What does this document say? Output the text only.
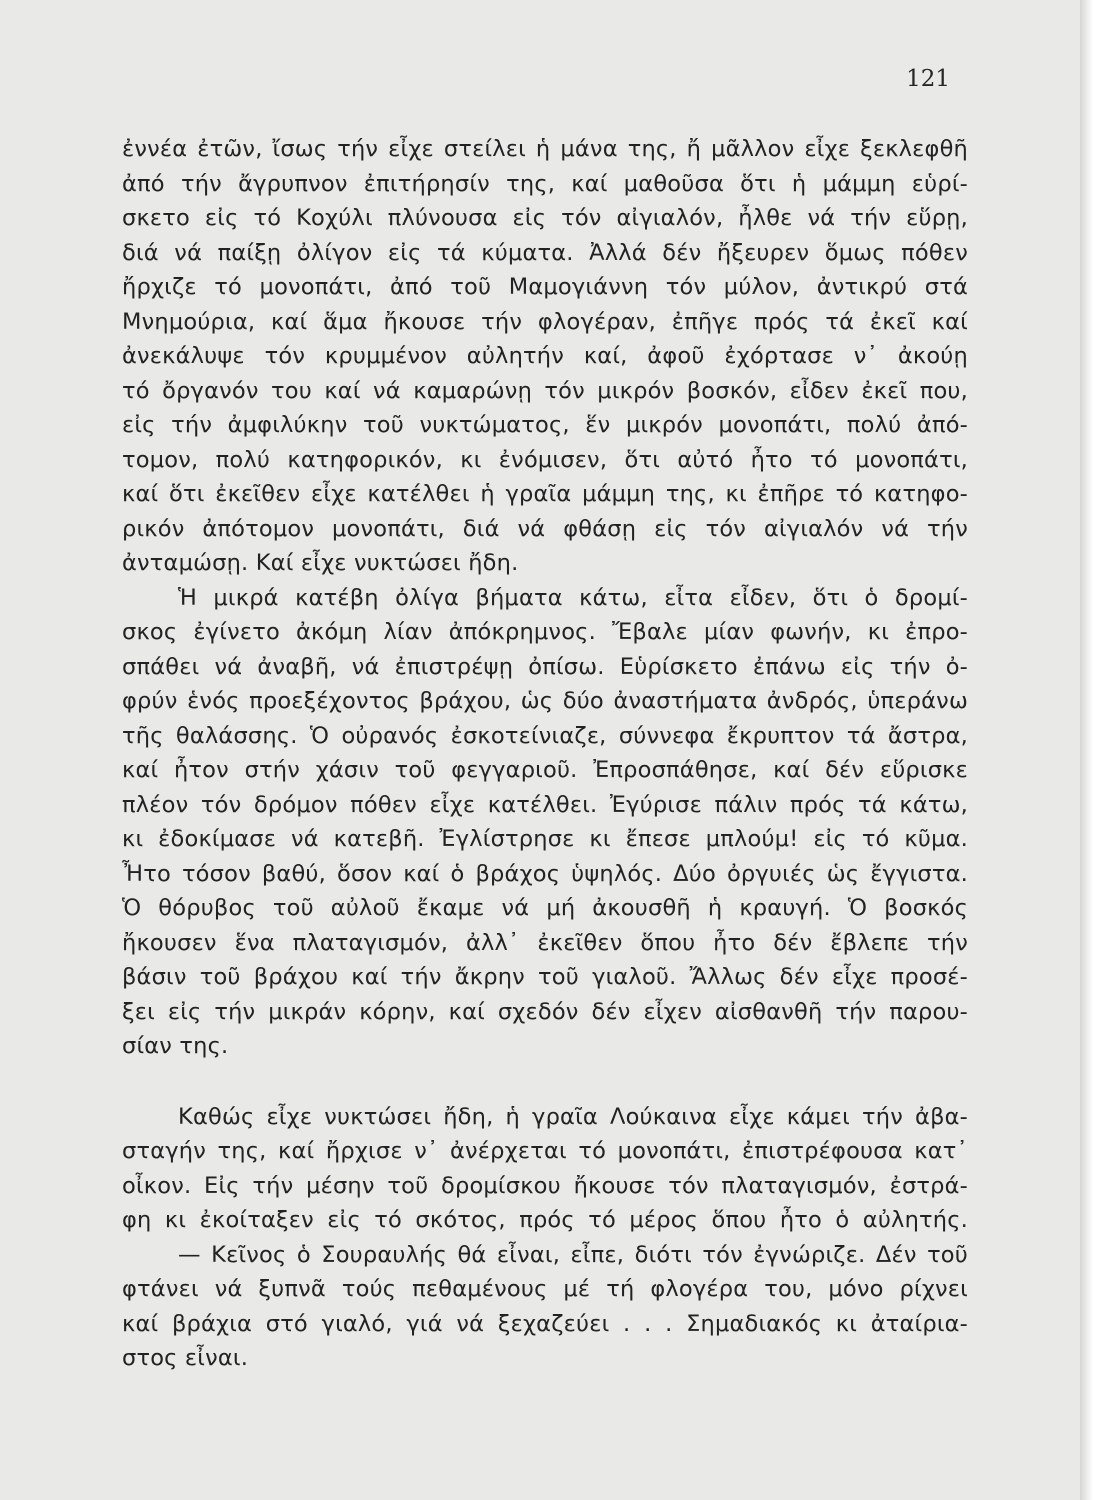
121
ἐννέα ἐτῶν, ἴσως τήν εἶχε στείλει ἡ μάνα της, ἤ μᾶλλον εἶχε ξεκλεφθῆ
ἀπό τήν ἄγρυπνον ἐπιτήρησίν της, καί μαθοῦσα ὅτι ἡ μάμμη εὑρί-
σκετο εἰς τό Κοχύλι πλύνουσα εἰς τόν αἰγιαλόν, ἦλθε νά τήν εὕρῃ,
διά νά παίξῃ ὀλίγον εἰς τά κύματα. Ἀλλά δέν ἤξευρεν ὅμως πόθεν
ἤρχιζε τό μονοπάτι, ἀπό τοῦ Μαμογιάννη τόν μύλον, ἀντικρύ στά
Μνημούρια, καί ἅμα ἤκουσε τήν φλογέραν, ἐπῆγε πρός τά ἐκεῖ καί
ἀνεκάλυψε τόν κρυμμένον αὐλητήν καί, ἀφοῦ ἐχόρτασε ν᾽ ἀκούῃ
τό ὄργανόν του καί νά καμαρώνῃ τόν μικρόν βοσκόν, εἶδεν ἐκεῖ που,
εἰς τήν ἀμφιλύκην τοῦ νυκτώματος, ἕν μικρόν μονοπάτι, πολύ ἀπό-
τομον, πολύ κατηφορικόν, κι ἐνόμισεν, ὅτι αὐτό ἦτο τό μονοπάτι,
καί ὅτι ἐκεῖθεν εἶχε κατέλθει ἡ γραῖα μάμμη της, κι ἐπῆρε τό κατηφο-
ρικόν ἀπότομον μονοπάτι, διά νά φθάσῃ εἰς τόν αἰγιαλόν νά τήν
ἀνταμώσῃ. Καί εἶχε νυκτώσει ἤδη.
Ἡ μικρά κατέβη ὀλίγα βήματα κάτω, εἶτα εἶδεν, ὅτι ὁ δρομί-
σκος ἐγίνετο ἀκόμη λίαν ἀπόκρημνος. Ἔβαλε μίαν φωνήν, κι ἐπρο-
σπάθει νά ἀναβῆ, νά ἐπιστρέψῃ ὀπίσω. Εὑρίσκετο ἐπάνω εἰς τήν ὀ-
φρύν ἑνός προεξέχοντος βράχου, ὡς δύο ἀναστήματα ἀνδρός, ὑπεράνω
τῆς θαλάσσης. Ὁ οὐρανός ἐσκοτείνιαζε, σύννεφα ἔκρυπτον τά ἄστρα,
καί ἦτον στήν χάσιν τοῦ φεγγαριοῦ. Ἐπροσπάθησε, καί δέν εὕρισκε
πλέον τόν δρόμον πόθεν εἶχε κατέλθει. Ἐγύρισε πάλιν πρός τά κάτω,
κι ἐδοκίμασε νά κατεβῆ. Ἐγλίστρησε κι ἔπεσε μπλούμ! εἰς τό κῦμα.
Ἦτο τόσον βαθύ, ὅσον καί ὁ βράχος ὑψηλός. Δύο ὀργυιές ὡς ἔγγιστα.
Ὁ θόρυβος τοῦ αὐλοῦ ἔκαμε νά μή ἀκουσθῆ ἡ κραυγή. Ὁ βοσκός
ἤκουσεν ἕνα πλαταγισμόν, ἀλλ᾽ ἐκεῖθεν ὅπου ἦτο δέν ἔβλεπε τήν
βάσιν τοῦ βράχου καί τήν ἄκρην τοῦ γιαλοῦ. Ἄλλως δέν εἶχε προσέ-
ξει εἰς τήν μικράν κόρην, καί σχεδόν δέν εἶχεν αἰσθανθῆ τήν παρου-
σίαν της.
Καθώς εἶχε νυκτώσει ἤδη, ἡ γραῖα Λούκαινα εἶχε κάμει τήν ἀβα-
σταγήν της, καί ἤρχισε ν᾽ ἀνέρχεται τό μονοπάτι, ἐπιστρέφουσα κατ᾽
οἶκον. Εἰς τήν μέσην τοῦ δρομίσκου ἤκουσε τόν πλαταγισμόν, ἐστρά-
φη κι ἐκοίταξεν εἰς τό σκότος, πρός τό μέρος ὅπου ἦτο ὁ αὐλητής.
— Κεῖνος ὁ Σουραυλής θά εἶναι, εἶπε, διότι τόν ἐγνώριζε. Δέν τοῦ
φτάνει νά ξυπνᾶ τούς πεθαμένους μέ τή φλογέρα του, μόνο ρίχνει
καί βράχια στό γιαλό, γιά νά ξεχαζεύει . . . Σημαδιακός κι ἀταίρια-
στος εἶναι.
